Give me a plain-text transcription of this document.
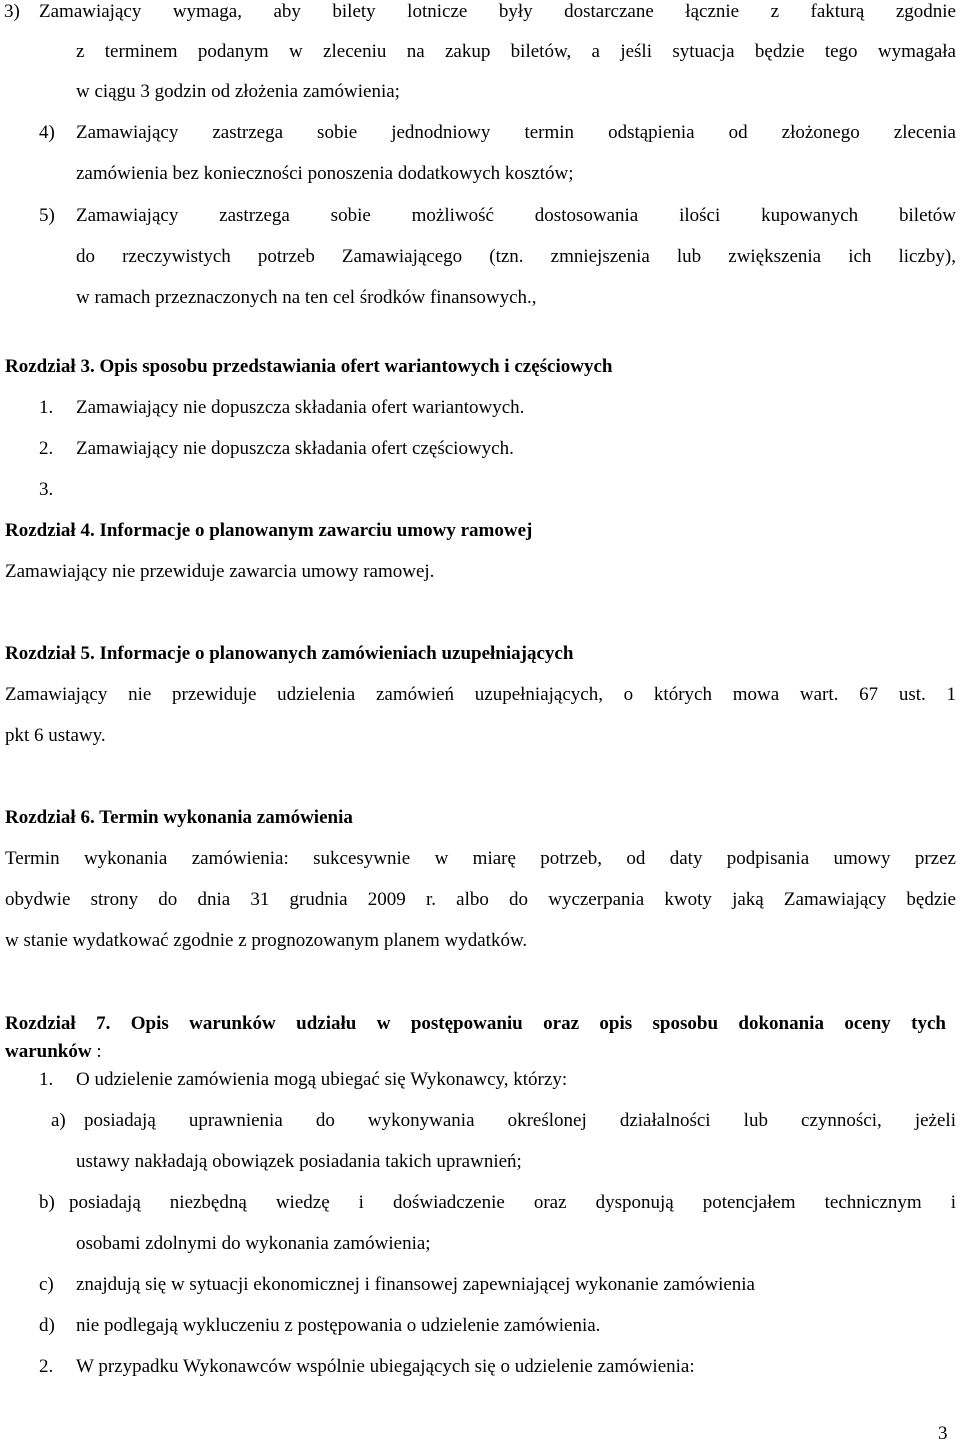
3) Zamawiający wymaga, aby bilety lotnicze były dostarczane łącznie z fakturą zgodnie
z terminem podanym w zleceniu na zakup biletów, a jeśli sytuacja będzie tego wymagała
w ciągu 3 godzin od złożenia zamówienia;
4) Zamawiający zastrzega sobie jednodniowy termin odstąpienia od złożonego zlecenia
zamówienia bez konieczności ponoszenia dodatkowych kosztów;
5) Zamawiający zastrzega sobie możliwość dostosowania ilości kupowanych biletów
do rzeczywistych potrzeb Zamawiającego (tzn. zmniejszenia lub zwiększenia ich liczby),
w ramach przeznaczonych na ten cel środków finansowych.,
Rozdział 3. Opis sposobu przedstawiania ofert wariantowych i częściowych
1. Zamawiający nie dopuszcza składania ofert wariantowych.
2. Zamawiający nie dopuszcza składania ofert częściowych.
3.
Rozdział 4. Informacje o planowanym zawarciu umowy ramowej
Zamawiający nie przewiduje zawarcia umowy ramowej.
Rozdział 5. Informacje o planowanych zamówieniach uzupełniających
Zamawiający nie przewiduje udzielenia zamówień uzupełniających, o których mowa wart. 67 ust. 1
pkt 6 ustawy.
Rozdział 6. Termin wykonania zamówienia
Termin wykonania zamówienia: sukcesywnie w miarę potrzeb, od daty podpisania umowy przez
obydwie strony do dnia 31 grudnia 2009 r. albo do wyczerpania kwoty jaką Zamawiający będzie
w stanie wydatkować zgodnie z prognozowanym planem wydatków.
Rozdział 7. Opis warunków udziału w postępowaniu oraz opis sposobu dokonania oceny tych
warunków :
1. O udzielenie zamówienia mogą ubiegać się Wykonawcy, którzy:
a) posiadają uprawnienia do wykonywania określonej działalności lub czynności, jeżeli
ustawy nakładają obowiązek posiadania takich uprawnień;
b) posiadają niezbędną wiedzę i doświadczenie oraz dysponują potencjałem technicznym i
osobami zdolnymi do wykonania zamówienia;
c) znajdują się w sytuacji ekonomicznej i finansowej zapewniającej wykonanie zamówienia
d) nie podlegają wykluczeniu z postępowania o udzielenie zamówienia.
2. W przypadku Wykonawców wspólnie ubiegających się o udzielenie zamówienia:
3
